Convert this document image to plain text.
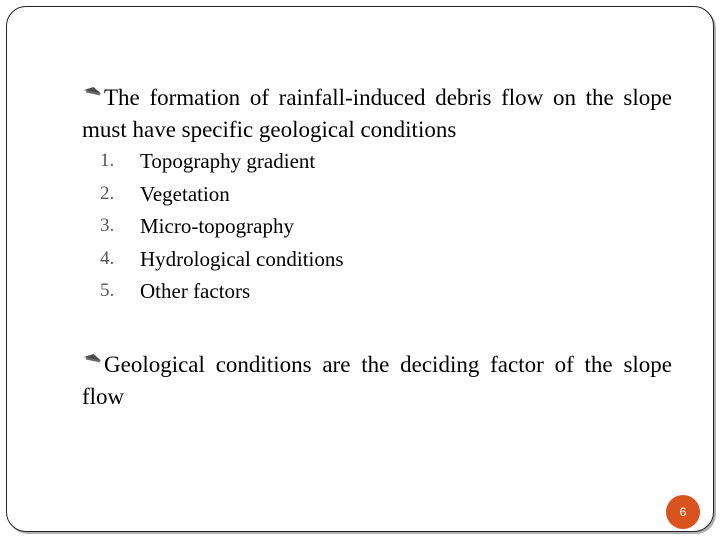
The formation of rainfall-induced debris flow on the slope must have specific geological conditions
1.	Topography gradient
2.	Vegetation
3.	Micro-topography
4.	Hydrological conditions
5.	Other factors
Geological conditions are the deciding factor of the slope flow
6
